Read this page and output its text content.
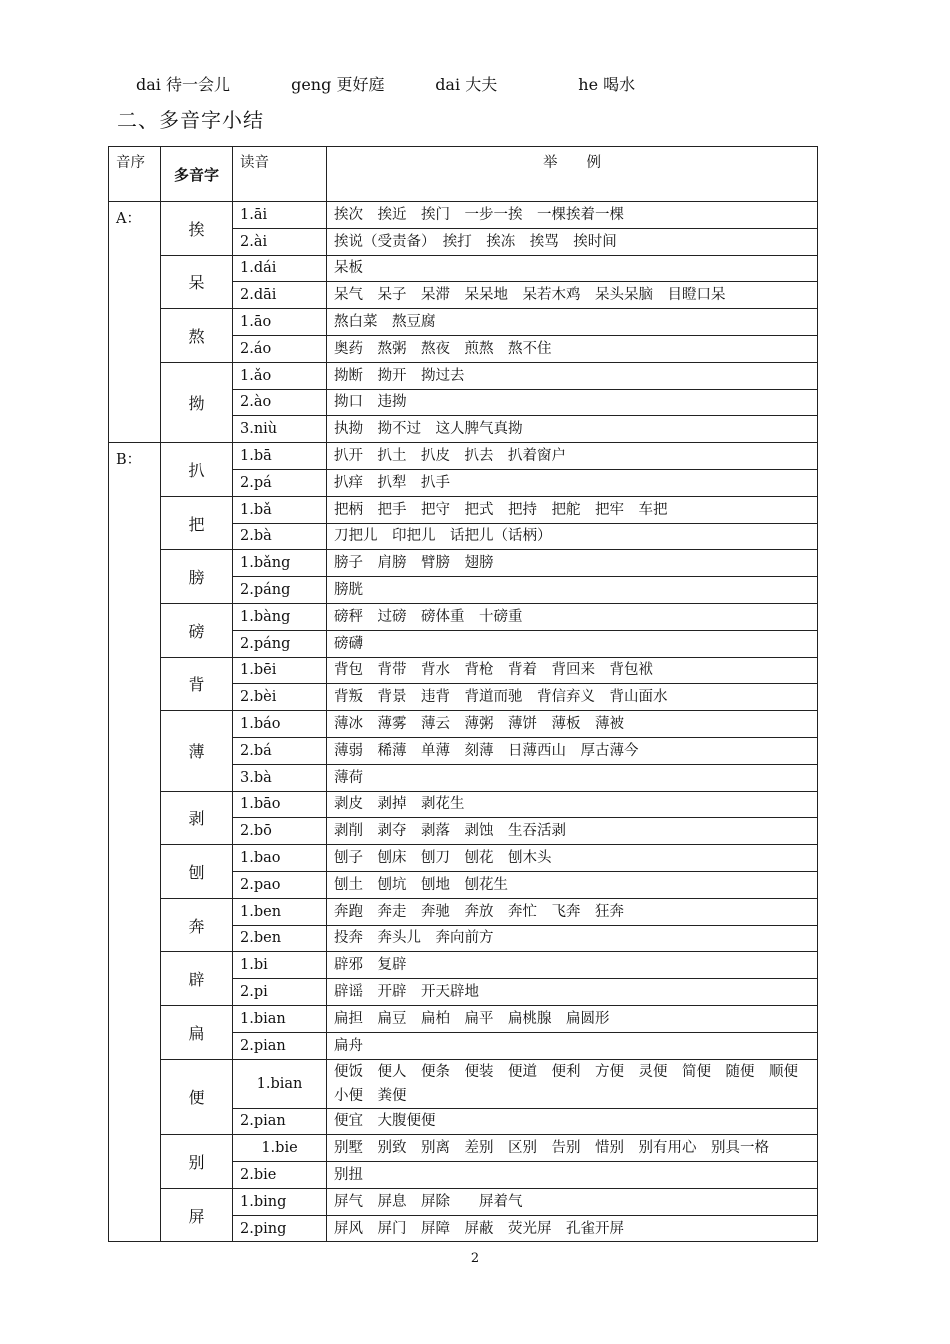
dai 待一会儿	geng 更好庭	dai 大夫	he 喝水
二、多音字小结
音序	多音字	读音	举　　例
A：	挨	1.āi	挨次　挨近　挨门　一步一挨　一棵挨着一棵
		2.ài	挨说（受责备）　挨打　挨冻　挨骂　挨时间
	呆	1.dái	呆板
		2.dāi	呆气　呆子　呆滞　呆呆地　呆若木鸡　呆头呆脑　目瞪口呆
	熬	1.āo	熬白菜　熬豆腐
		2.áo	奥药　熬粥　熬夜　煎熬　熬不住
	拗	1.ǎo	拗断　拗开　拗过去
		2.ào	拗口　违拗
		3.niù	执拗　拗不过　这人脾气真拗
B：	扒	1.bā	扒开　扒土　扒皮　扒去　扒着窗户
		2.pá	扒痒　扒犁　扒手
	把	1.bǎ	把柄　把手　把守　把式　把持　把舵　把牢　车把
		2.bà	刀把儿　印把儿　话把儿（话柄）
	膀	1.bǎng	膀子　肩膀　臂膀　翅膀
		2.páng	膀胱
	磅	1.bàng	磅秤　过磅　磅体重　十磅重
		2.páng	磅礴
	背	1.bēi	背包　背带　背水　背枪　背着　背回来　背包袱
		2.bèi	背叛　背景　违背　背道而驰　背信弃义　背山面水
	薄	1.báo	薄冰　薄雾　薄云　薄粥　薄饼　薄板　薄被
		2.bá	薄弱　稀薄　单薄　刻薄　日薄西山　厚古薄今
		3.bà	薄荷
	剥	1.bāo	剥皮　剥掉　剥花生
		2.bō	剥削　剥夺　剥落　剥蚀　生吞活剥
	刨	1.bao	刨子　刨床　刨刀　刨花　刨木头
		2.pao	刨土　刨坑　刨地　刨花生
	奔	1.ben	奔跑　奔走　奔驰　奔放　奔忙　飞奔　狂奔
		2.ben	投奔　奔头儿　奔向前方
	辟	1.bi	辟邪　复辟
		2.pi	辟谣　开辟　开天辟地
	扁	1.bian	扁担　扁豆　扁柏　扁平　扁桃腺　扁圆形
		2.pian	扁舟
	便	1.bian	便饭　便人　便条　便装　便道　便利　方便　灵便　简便　随便　顺便　小便　粪便
		2.pian	便宜　大腹便便
	别	1.bie	别墅　别致　别离　差别　区别　告别　惜别　别有用心　别具一格
		2.bie	别扭
	屏	1.bing	屏气　屏息　屏除　　屏着气
		2.ping	屏风　屏门　屏障　屏蔽　荧光屏　孔雀开屏
2
